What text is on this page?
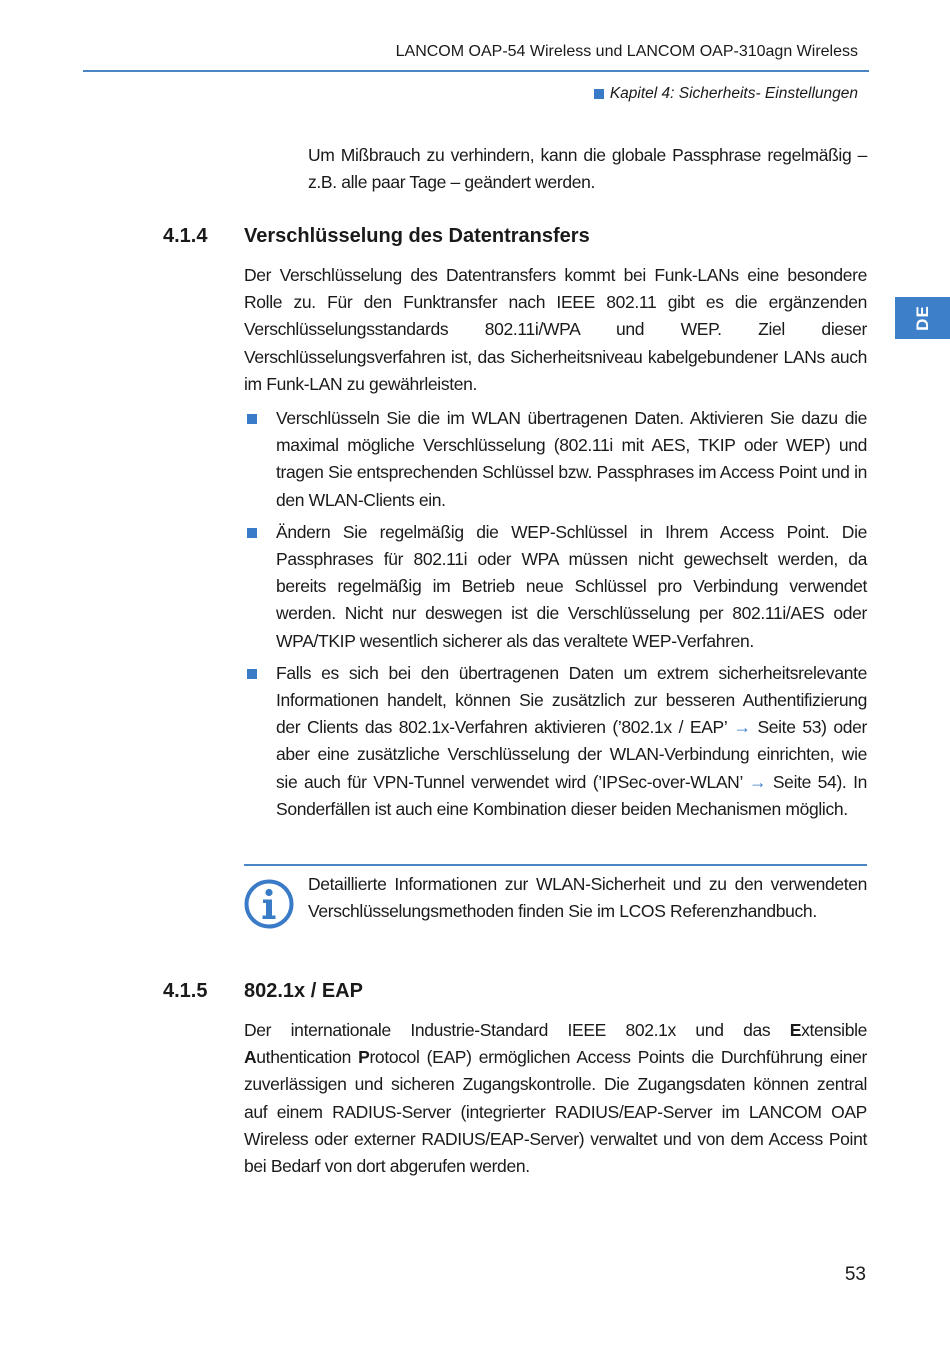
LANCOM OAP-54 Wireless und LANCOM OAP-310agn Wireless
Kapitel 4: Sicherheits- Einstellungen
DE

Um Mißbrauch zu verhindern, kann die globale Passphrase regelmäßig – z.B. alle paar Tage – geändert werden.

4.1.4	Verschlüsselung des Datentransfers

Der Verschlüsselung des Datentransfers kommt bei Funk-LANs eine besondere Rolle zu. Für den Funktransfer nach IEEE 802.11 gibt es die ergänzenden Verschlüsselungsstandards 802.11i/WPA und WEP. Ziel dieser Verschlüsselungsverfahren ist, das Sicherheitsniveau kabelgebundener LANs auch im Funk-LAN zu gewährleisten.

Verschlüsseln Sie die im WLAN übertragenen Daten. Aktivieren Sie dazu die maximal mögliche Verschlüsselung (802.11i mit AES, TKIP oder WEP) und tragen Sie entsprechenden Schlüssel bzw. Passphrases im Access Point und in den WLAN-Clients ein.
Ändern Sie regelmäßig die WEP-Schlüssel in Ihrem Access Point. Die Passphrases für 802.11i oder WPA müssen nicht gewechselt werden, da bereits regelmäßig im Betrieb neue Schlüssel pro Verbindung verwendet werden. Nicht nur deswegen ist die Verschlüsselung per 802.11i/AES oder WPA/TKIP wesentlich sicherer als das veraltete WEP-Verfahren.
Falls es sich bei den übertragenen Daten um extrem sicherheitsrelevante Informationen handelt, können Sie zusätzlich zur besseren Authentifizierung der Clients das 802.1x-Verfahren aktivieren (’802.1x / EAP’ → Seite 53) oder aber eine zusätzliche Verschlüsselung der WLAN-Verbindung einrichten, wie sie auch für VPN-Tunnel verwendet wird (’IPSec-over-WLAN’ → Seite 54). In Sonderfällen ist auch eine Kombination dieser beiden Mechanismen möglich.

Detaillierte Informationen zur WLAN-Sicherheit und zu den verwendeten Verschlüsselungsmethoden finden Sie im LCOS Referenzhandbuch.

4.1.5	802.1x / EAP

Der internationale Industrie-Standard IEEE 802.1x und das Extensible Authentication Protocol (EAP) ermöglichen Access Points die Durchführung einer zuverlässigen und sicheren Zugangskontrolle. Die Zugangsdaten können zentral auf einem RADIUS-Server (integrierter RADIUS/EAP-Server im LANCOM OAP Wireless oder externer RADIUS/EAP-Server) verwaltet und von dem Access Point bei Bedarf von dort abgerufen werden.

53
